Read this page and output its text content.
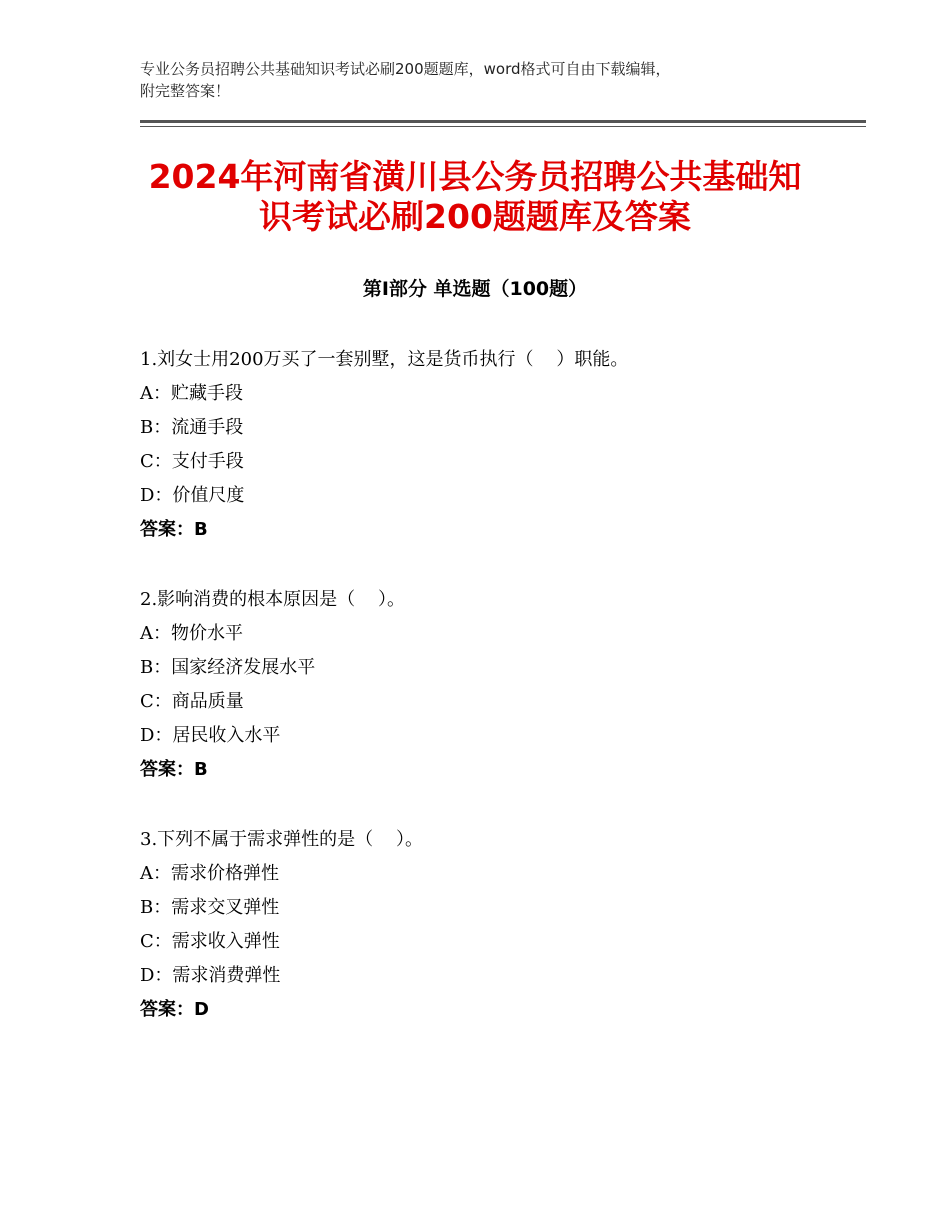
专业公务员招聘公共基础知识考试必刷200题题库，word格式可自由下载编辑，
附完整答案！
2024年河南省潢川县公务员招聘公共基础知
识考试必刷200题题库及答案
第Ⅰ部分 单选题（100题）
1.刘女士用200万买了一套别墅，这是货币执行（    ）职能。
A：贮藏手段
B：流通手段
C：支付手段
D：价值尺度
答案：B
2.影响消费的根本原因是（    ）。
A：物价水平
B：国家经济发展水平
C：商品质量
D：居民收入水平
答案：B
3.下列不属于需求弹性的是（    ）。
A：需求价格弹性
B：需求交叉弹性
C：需求收入弹性
D：需求消费弹性
答案：D
